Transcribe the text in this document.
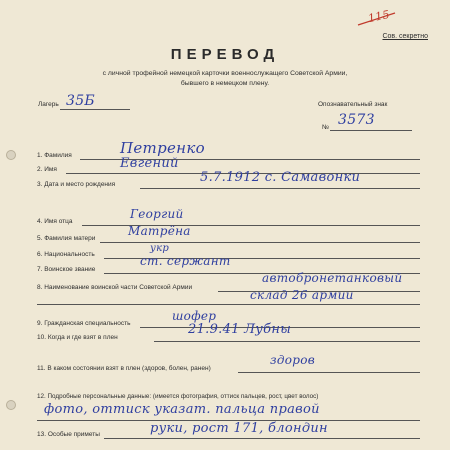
115
Сов. секретно
ПЕРЕВОД
с личной трофейной немецкой карточки военнослужащего Советской Армии,
бывшего в немецком плену.
Лагерь 35Б	Опознавательный знак
№ 3573
1. Фамилия	Петренко
2. Имя	Евгений
3. Дата и место рождения	5.7.1912 с. Самавонки
4. Имя отца
Георгий
5. Фамилия матери
Матрёна
6. Национальность
укр
7. Воинское звание
ст. сержант
8. Наименование воинской части Советской Армии
автобронетанковый
склад 26 армии
9. Гражданская специальность
шофер
10. Когда и где взят в плен
21.9.41 Лубны
11. В каком состоянии взят в плен (здоров, болен, ранен)
здоров
12. Подробные персональные данные: (имеется фотография, оттиск пальцев, рост, цвет волос)
фото, оттиск указат. пальца правой
13. Особые приметы	руки, рост 171, блондин
